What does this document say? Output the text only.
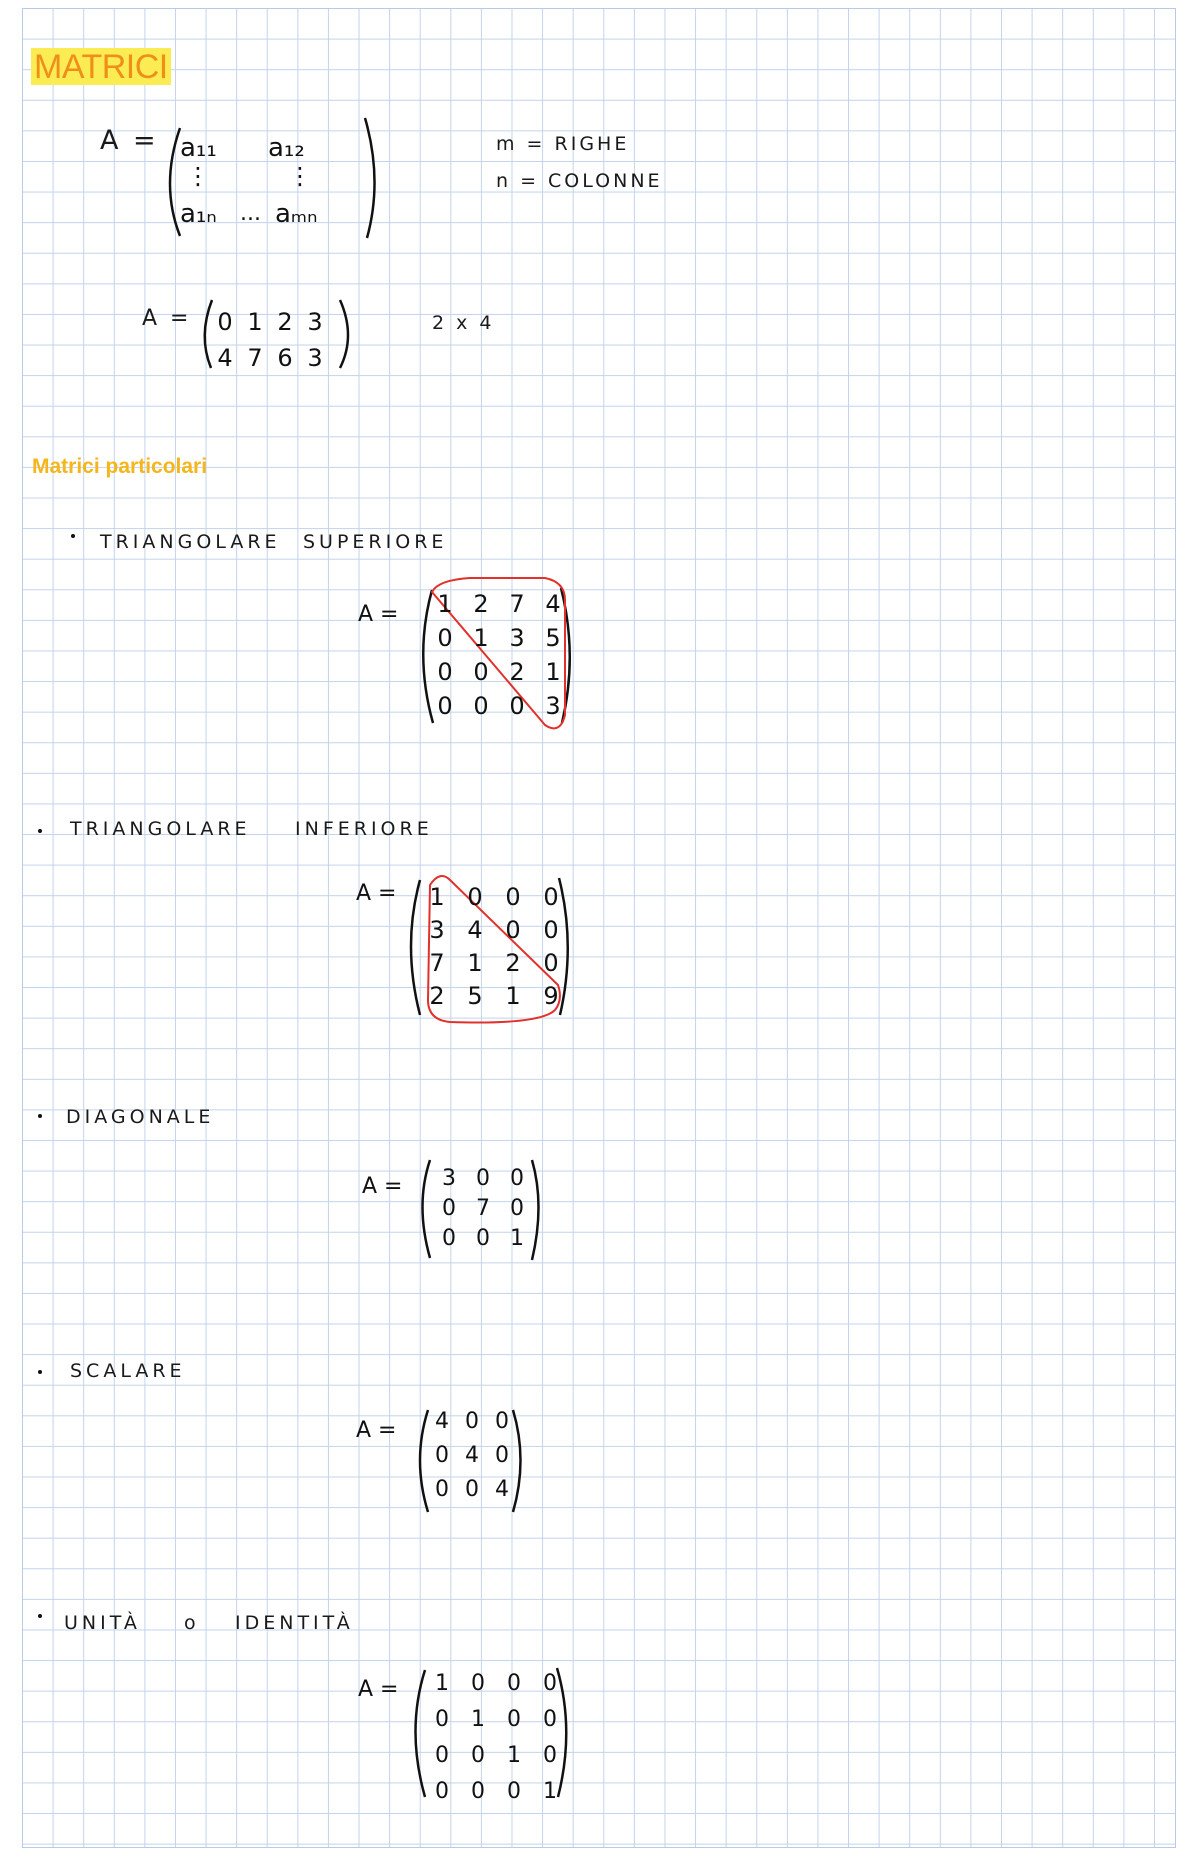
MATRICI
A =	m = RIGHE
n = COLONNE
A =	2 x 4
Matrici particolari
TRIANGOLARE SUPERIORE
TRIANGOLARE INFERIORE
DIAGONALE
SCALARE
UNITÀ o IDENTITÀ
a₁₁ a₁₂
⋮	⋮
a₁ₙ ... aₘₙ
0 1 2 3
4 7 6 3
A =
A =
A =
A =
A =
1 2 7 4
0 1 3 5
0 0 2 1
0 0 0 3
1 0 0 0
3 4 0 0
7 1 2 0
2 5 1 9
3 0 0
0 7 0
0 0 1
4 0 0
0 4 0
0 0 4
1 0 0 0
0 1 0 0
0 0 1 0
0 0 0 1
